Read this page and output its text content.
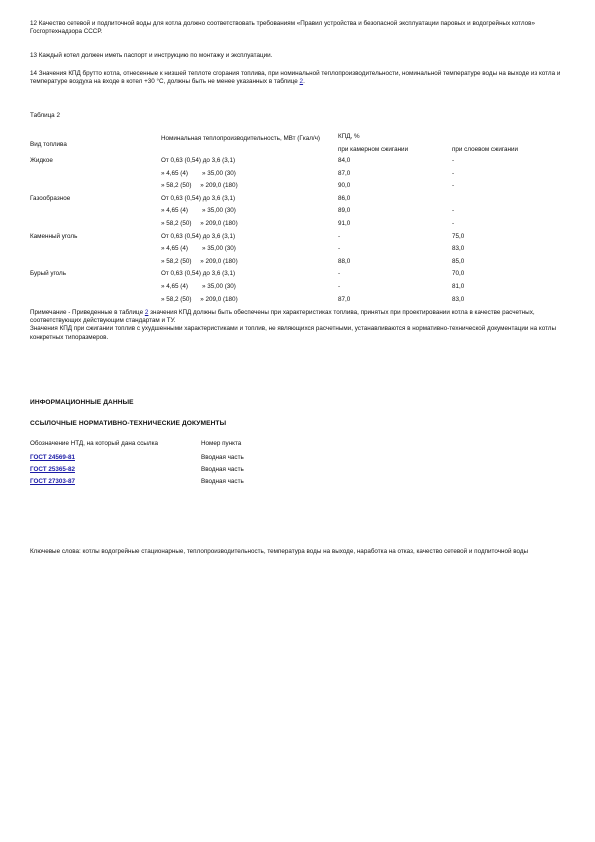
12 Качество сетевой и подпиточной воды для котла должно соответствовать требованиям «Правил устройства и безопасной эксплуатации паровых и водогрейных котлов» Госгортехнадзора СССР.

13 Каждый котел должен иметь паспорт и инструкцию по монтажу и эксплуатации.

14 Значения КПД брутто котла, отнесенные к низшей теплоте сгорания топлива, при номинальной теплопроизводительности, номинальной температуре воды на выходе из котла и температуре воздуха на входе в котел +30 °С, должны быть не менее указанных в таблице 2.

Таблица 2

Вид топлива
Номинальная теплопроизводительность, МВт (Гкал/ч)	КПД, %
при камерном сжигании	при слоевом сжигании
Жидкое	От 0,63 (0,54) до 3,6 (3,1)	84,0	-
» 4,65 (4)        » 35,00 (30)	87,0	-
» 58,2 (50)     » 209,0 (180)	90,0	-
Газообразное	От 0,63 (0,54) до 3,6 (3,1)	86,0
» 4,65 (4)        » 35,00 (30)	89,0	-
» 58,2 (50)     » 209,0 (180)	91,0	-
Каменный уголь	От 0,63 (0,54) до 3,6 (3,1)	-	75,0
» 4,65 (4)        » 35,00 (30)	-	83,0
» 58,2 (50)     » 209,0 (180)	88,0	85,0
Бурый уголь	От 0,63 (0,54) до 3,6 (3,1)	-	70,0
» 4,65 (4)        » 35,00 (30)	-	81,0
» 58,2 (50)     » 209,0 (180)	87,0	83,0

Примечание - Приведенные в таблице 2 значения КПД должны быть обеспечены при характеристиках топлива, принятых при проектировании котла в качестве расчетных, соответствующих действующим стандартам и ТУ.
Значения КПД при сжигании топлив с ухудшенными характеристиками и топлив, не являющихся расчетными, устанавливаются в нормативно-технической документации на котлы конкретных типоразмеров.

ИНФОРМАЦИОННЫЕ ДАННЫЕ

ССЫЛОЧНЫЕ НОРМАТИВНО-ТЕХНИЧЕСКИЕ ДОКУМЕНТЫ

Обозначение НТД, на который дана ссылка	Номер пункта
ГОСТ 24569-81	Вводная часть
ГОСТ 25365-82	Вводная часть
ГОСТ 27303-87	Вводная часть

Ключевые слова: котлы водогрейные стационарные, теплопроизводительность, температура воды на выходе, наработка на отказ, качество сетевой и подпиточной воды
